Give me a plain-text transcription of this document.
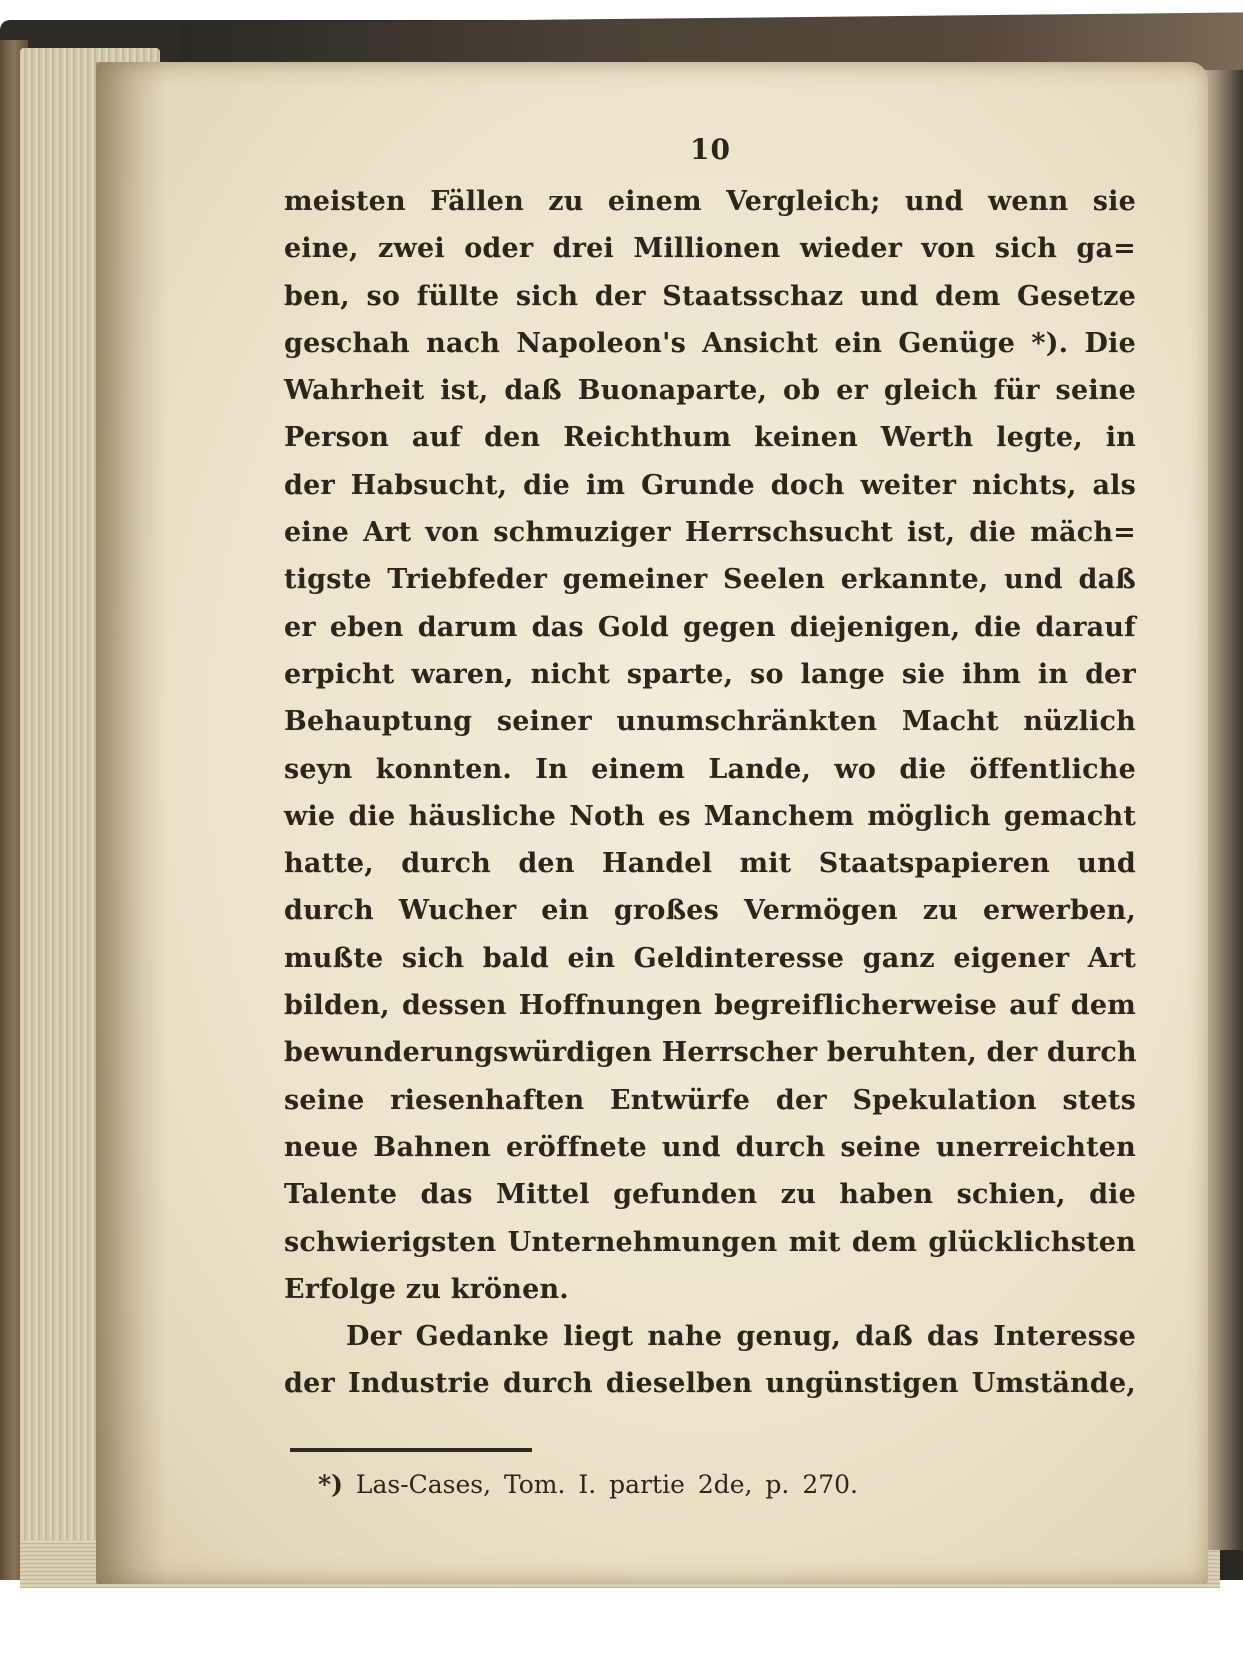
10
meisten Fällen zu einem Vergleich; und wenn sie
eine, zwei oder drei Millionen wieder von sich ga=
ben, so füllte sich der Staatsschaz und dem Gesetze
geschah nach Napoleon's Ansicht ein Genüge *). Die
Wahrheit ist, daß Buonaparte, ob er gleich für seine
Person auf den Reichthum keinen Werth legte, in
der Habsucht, die im Grunde doch weiter nichts, als
eine Art von schmuziger Herrschsucht ist, die mäch=
tigste Triebfeder gemeiner Seelen erkannte, und daß
er eben darum das Gold gegen diejenigen, die darauf
erpicht waren, nicht sparte, so lange sie ihm in der
Behauptung seiner unumschränkten Macht nüzlich
seyn konnten. In einem Lande, wo die öffentliche
wie die häusliche Noth es Manchem möglich gemacht
hatte, durch den Handel mit Staatspapieren und
durch Wucher ein großes Vermögen zu erwerben,
mußte sich bald ein Geldinteresse ganz eigener Art
bilden, dessen Hoffnungen begreiflicherweise auf dem
bewunderungswürdigen Herrscher beruhten, der durch
seine riesenhaften Entwürfe der Spekulation stets
neue Bahnen eröffnete und durch seine unerreichten
Talente das Mittel gefunden zu haben schien, die
schwierigsten Unternehmungen mit dem glücklichsten
Erfolge zu krönen.
Der Gedanke liegt nahe genug, daß das Interesse
der Industrie durch dieselben ungünstigen Umstände,
*) Las-Cases, Tom. I. partie 2de, p. 270.
